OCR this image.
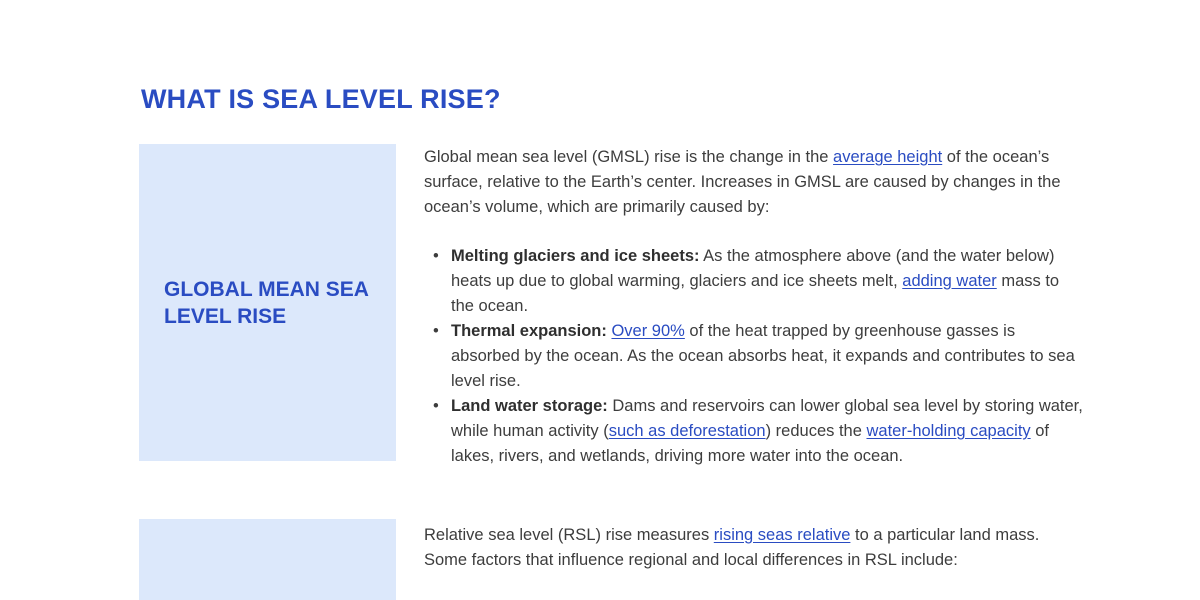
WHAT IS SEA LEVEL RISE?
GLOBAL MEAN SEA LEVEL RISE

Global mean sea level (GMSL) rise is the change in the average height of the ocean’s surface, relative to the Earth’s center. Increases in GMSL are caused by changes in the ocean’s volume, which are primarily caused by:

• Melting glaciers and ice sheets: As the atmosphere above (and the water below) heats up due to global warming, glaciers and ice sheets melt, adding water mass to the ocean.
• Thermal expansion: Over 90% of the heat trapped by greenhouse gasses is absorbed by the ocean. As the ocean absorbs heat, it expands and contributes to sea level rise.
• Land water storage: Dams and reservoirs can lower global sea level by storing water, while human activity (such as deforestation) reduces the water-holding capacity of lakes, rivers, and wetlands, driving more water into the ocean.

Relative sea level (RSL) rise measures rising seas relative to a particular land mass. Some factors that influence regional and local differences in RSL include:
